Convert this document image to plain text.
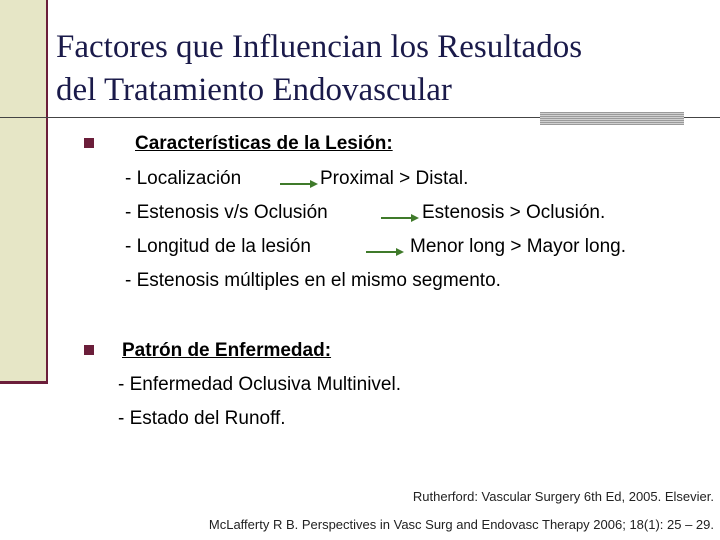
Factores que Influencian los Resultados
del Tratamiento Endovascular
Características de la Lesión:
- Localización	Proximal > Distal.
- Estenosis v/s Oclusión	Estenosis > Oclusión.
- Longitud de la lesión	Menor long > Mayor long.
- Estenosis múltiples en el mismo segmento.
Patrón de Enfermedad:
- Enfermedad Oclusiva Multinivel.
- Estado del Runoff.
Rutherford: Vascular Surgery 6th Ed, 2005. Elsevier.
McLafferty R B. Perspectives in Vasc Surg and Endovasc Therapy 2006; 18(1): 25 – 29.
